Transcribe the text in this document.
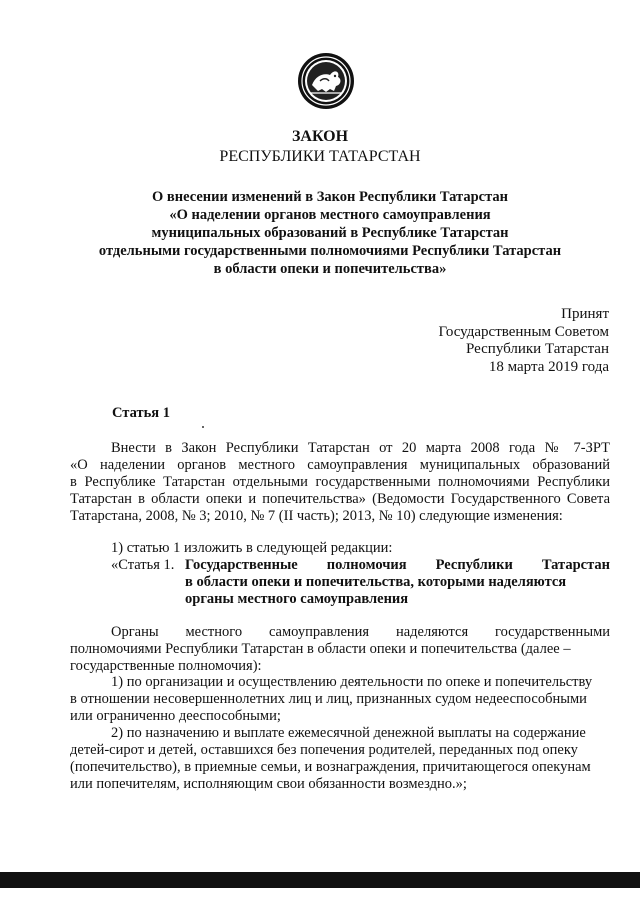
ЗАКОН
РЕСПУБЛИКИ ТАТАРСТАН
О внесении изменений в Закон Республики Татарстан
«О наделении органов местного самоуправления
муниципальных образований в Республике Татарстан
отдельными государственными полномочиями Республики Татарстан
в области опеки и попечительства»
Принят
Государственным Советом
Республики Татарстан
18 марта 2019 года
Статья 1
Внести в Закон Республики Татарстан от 20 марта 2008 года № 7-ЗРТ
«О наделении органов местного самоуправления муниципальных образований
в Республике Татарстан отдельными государственными полномочиями Республики
Татарстан в области опеки и попечительства» (Ведомости Государственного Совета
Татарстана, 2008, № 3; 2010, № 7 (II часть); 2013, № 10) следующие изменения:
1) статью 1 изложить в следующей редакции:
«Статья 1. Государственные полномочия Республики Татарстан
в области опеки и попечительства, которыми наделяются
органы местного самоуправления
Органы местного самоуправления наделяются государственными
полномочиями Республики Татарстан в области опеки и попечительства (далее –
государственные полномочия):
1) по организации и осуществлению деятельности по опеке и попечительству
в отношении несовершеннолетних лиц и лиц, признанных судом недееспособными
или ограниченно дееспособными;
2) по назначению и выплате ежемесячной денежной выплаты на содержание
детей-сирот и детей, оставшихся без попечения родителей, переданных под опеку
(попечительство), в приемные семьи, и вознаграждения, причитающегося опекунам
или попечителям, исполняющим свои обязанности возмездно.»;
